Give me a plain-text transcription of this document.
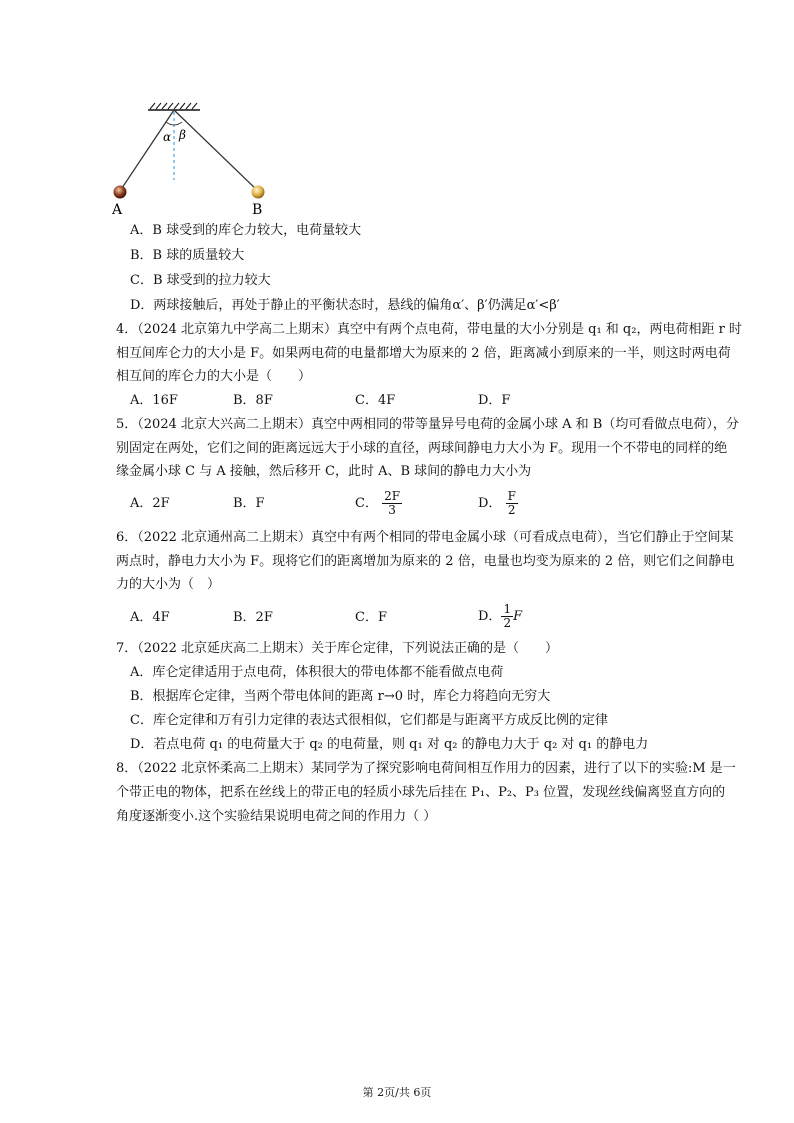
α β
A	B
A．B 球受到的库仑力较大，电荷量较大
B．B 球的质量较大
C．B 球受到的拉力较大
D．两球接触后，再处于静止的平衡状态时，悬线的偏角α′、β′仍满足α′<β′
4．（2024 北京第九中学高二上期末）真空中有两个点电荷，带电量的大小分别是 q₁ 和 q₂，两电荷相距 r 时
相互间库仑力的大小是 F。如果两电荷的电量都增大为原来的 2 倍，距离减小到原来的一半，则这时两电荷
相互间的库仑力的大小是（　　）
A．16F	B．8F	C．4F	D．F
5．（2024 北京大兴高二上期末）真空中两相同的带等量异号电荷的金属小球 A 和 B（均可看做点电荷），分
别固定在两处，它们之间的距离远远大于小球的直径，两球间静电力大小为 F。现用一个不带电的同样的绝
缘金属小球 C 与 A 接触，然后移开 C，此时 A、B 球间的静电力大小为
A．2F	B．F	C． $\frac{2F}{3}$	D． $\frac{F}{2}$
6．（2022 北京通州高二上期末）真空中有两个相同的带电金属小球（可看成点电荷），当它们静止于空间某
两点时，静电力大小为 F。现将它们的距离增加为原来的 2 倍，电量也均变为原来的 2 倍，则它们之间静电
力的大小为（　）
A．4F	B．2F	C．F	D． $\frac{1}{2}$ F
7．（2022 北京延庆高二上期末）关于库仑定律，下列说法正确的是（　　）
A．库仑定律适用于点电荷，体积很大的带电体都不能看做点电荷
B．根据库仑定律，当两个带电体间的距离 r→0 时，库仑力将趋向无穷大
C．库仑定律和万有引力定律的表达式很相似，它们都是与距离平方成反比例的定律
D．若点电荷 q₁ 的电荷量大于 q₂ 的电荷量，则 q₁ 对 q₂ 的静电力大于 q₂ 对 q₁ 的静电力
8．（2022 北京怀柔高二上期末）某同学为了探究影响电荷间相互作用力的因素，进行了以下的实验:M 是一
个带正电的物体，把系在丝线上的带正电的轻质小球先后挂在 P₁、P₂、P₃ 位置，发现丝线偏离竖直方向的
角度逐渐变小.这个实验结果说明电荷之间的作用力（ ）
第 2页/共 6页
